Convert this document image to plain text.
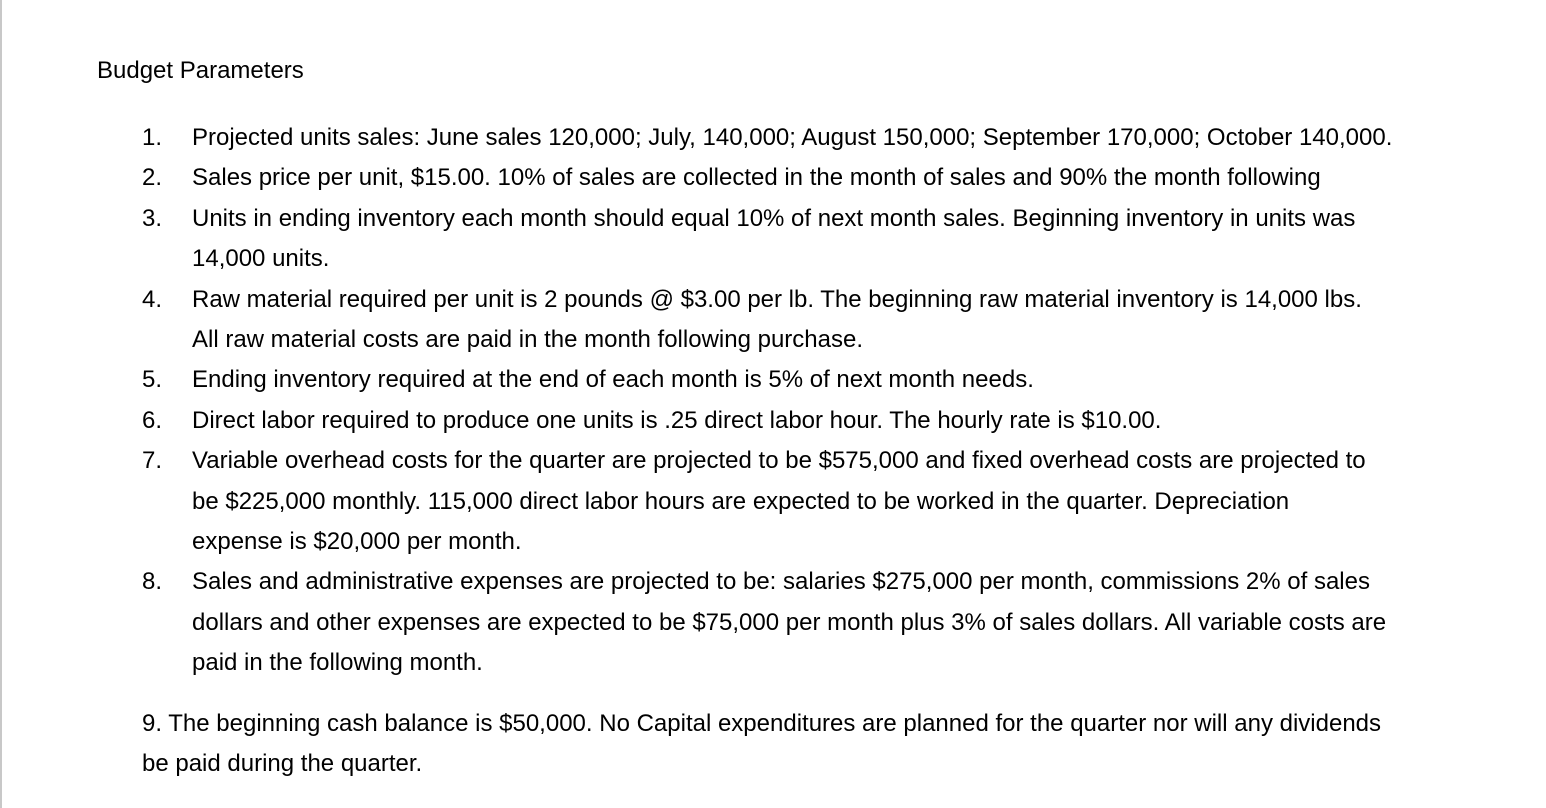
Budget Parameters
1.	Projected units sales: June sales 120,000; July, 140,000; August 150,000; September 170,000; October 140,000.
2.	Sales price per unit, $15.00. 10% of sales are collected in the month of sales and 90% the month following
3.	Units in ending inventory each month should equal 10% of next month sales. Beginning inventory in units was
14,000 units.
4.	Raw material required per unit is 2 pounds @ $3.00 per lb. The beginning raw material inventory is 14,000 lbs.
All raw material costs are paid in the month following purchase.
5.	Ending inventory required at the end of each month is 5% of next month needs.
6.	Direct labor required to produce one units is .25 direct labor hour. The hourly rate is $10.00.
7.	Variable overhead costs for the quarter are projected to be $575,000 and fixed overhead costs are projected to
be $225,000 monthly. 115,000 direct labor hours are expected to be worked in the quarter. Depreciation
expense is $20,000 per month.
8.	Sales and administrative expenses are projected to be: salaries $275,000 per month, commissions 2% of sales
dollars and other expenses are expected to be $75,000 per month plus 3% of sales dollars. All variable costs are
paid in the following month.
9. The beginning cash balance is $50,000. No Capital expenditures are planned for the quarter nor will any dividends
be paid during the quarter.
